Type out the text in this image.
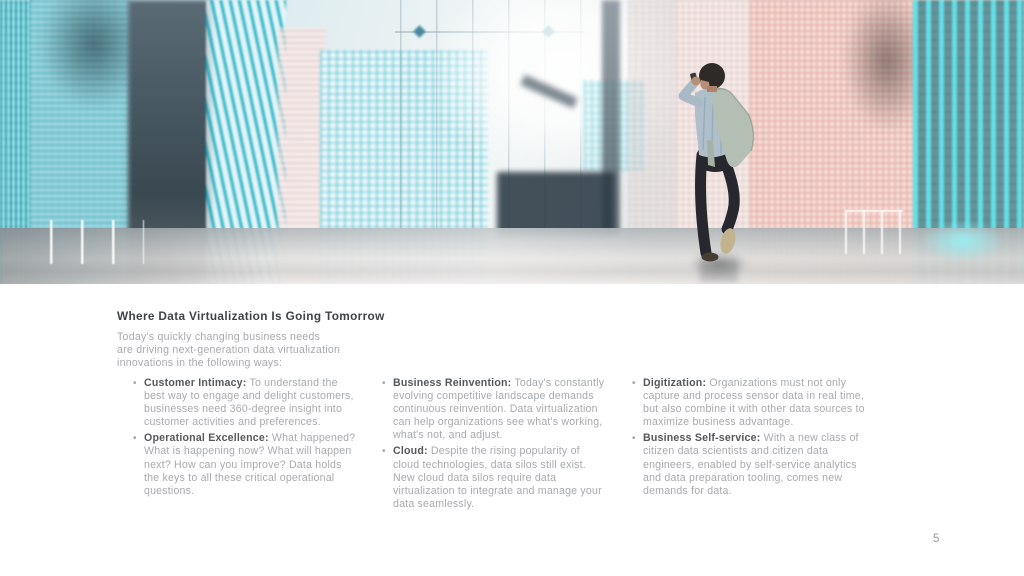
Where Data Virtualization Is Going Tomorrow
Today's quickly changing business needs
are driving next-generation data virtualization
innovations in the following ways:
• Customer Intimacy: To understand the best way to engage and delight customers, businesses need 360-degree insight into customer activities and preferences.
• Operational Excellence: What happened? What is happening now? What will happen next? How can you improve? Data holds the keys to all these critical operational questions.
• Business Reinvention: Today's constantly evolving competitive landscape demands continuous reinvention. Data virtualization can help organizations see what's working, what's not, and adjust.
• Cloud: Despite the rising popularity of cloud technologies, data silos still exist. New cloud data silos require data virtualization to integrate and manage your data seamlessly.
• Digitization: Organizations must not only capture and process sensor data in real time, but also combine it with other data sources to maximize business advantage.
• Business Self-service: With a new class of citizen data scientists and citizen data engineers, enabled by self-service analytics and data preparation tooling, comes new demands for data.
5
